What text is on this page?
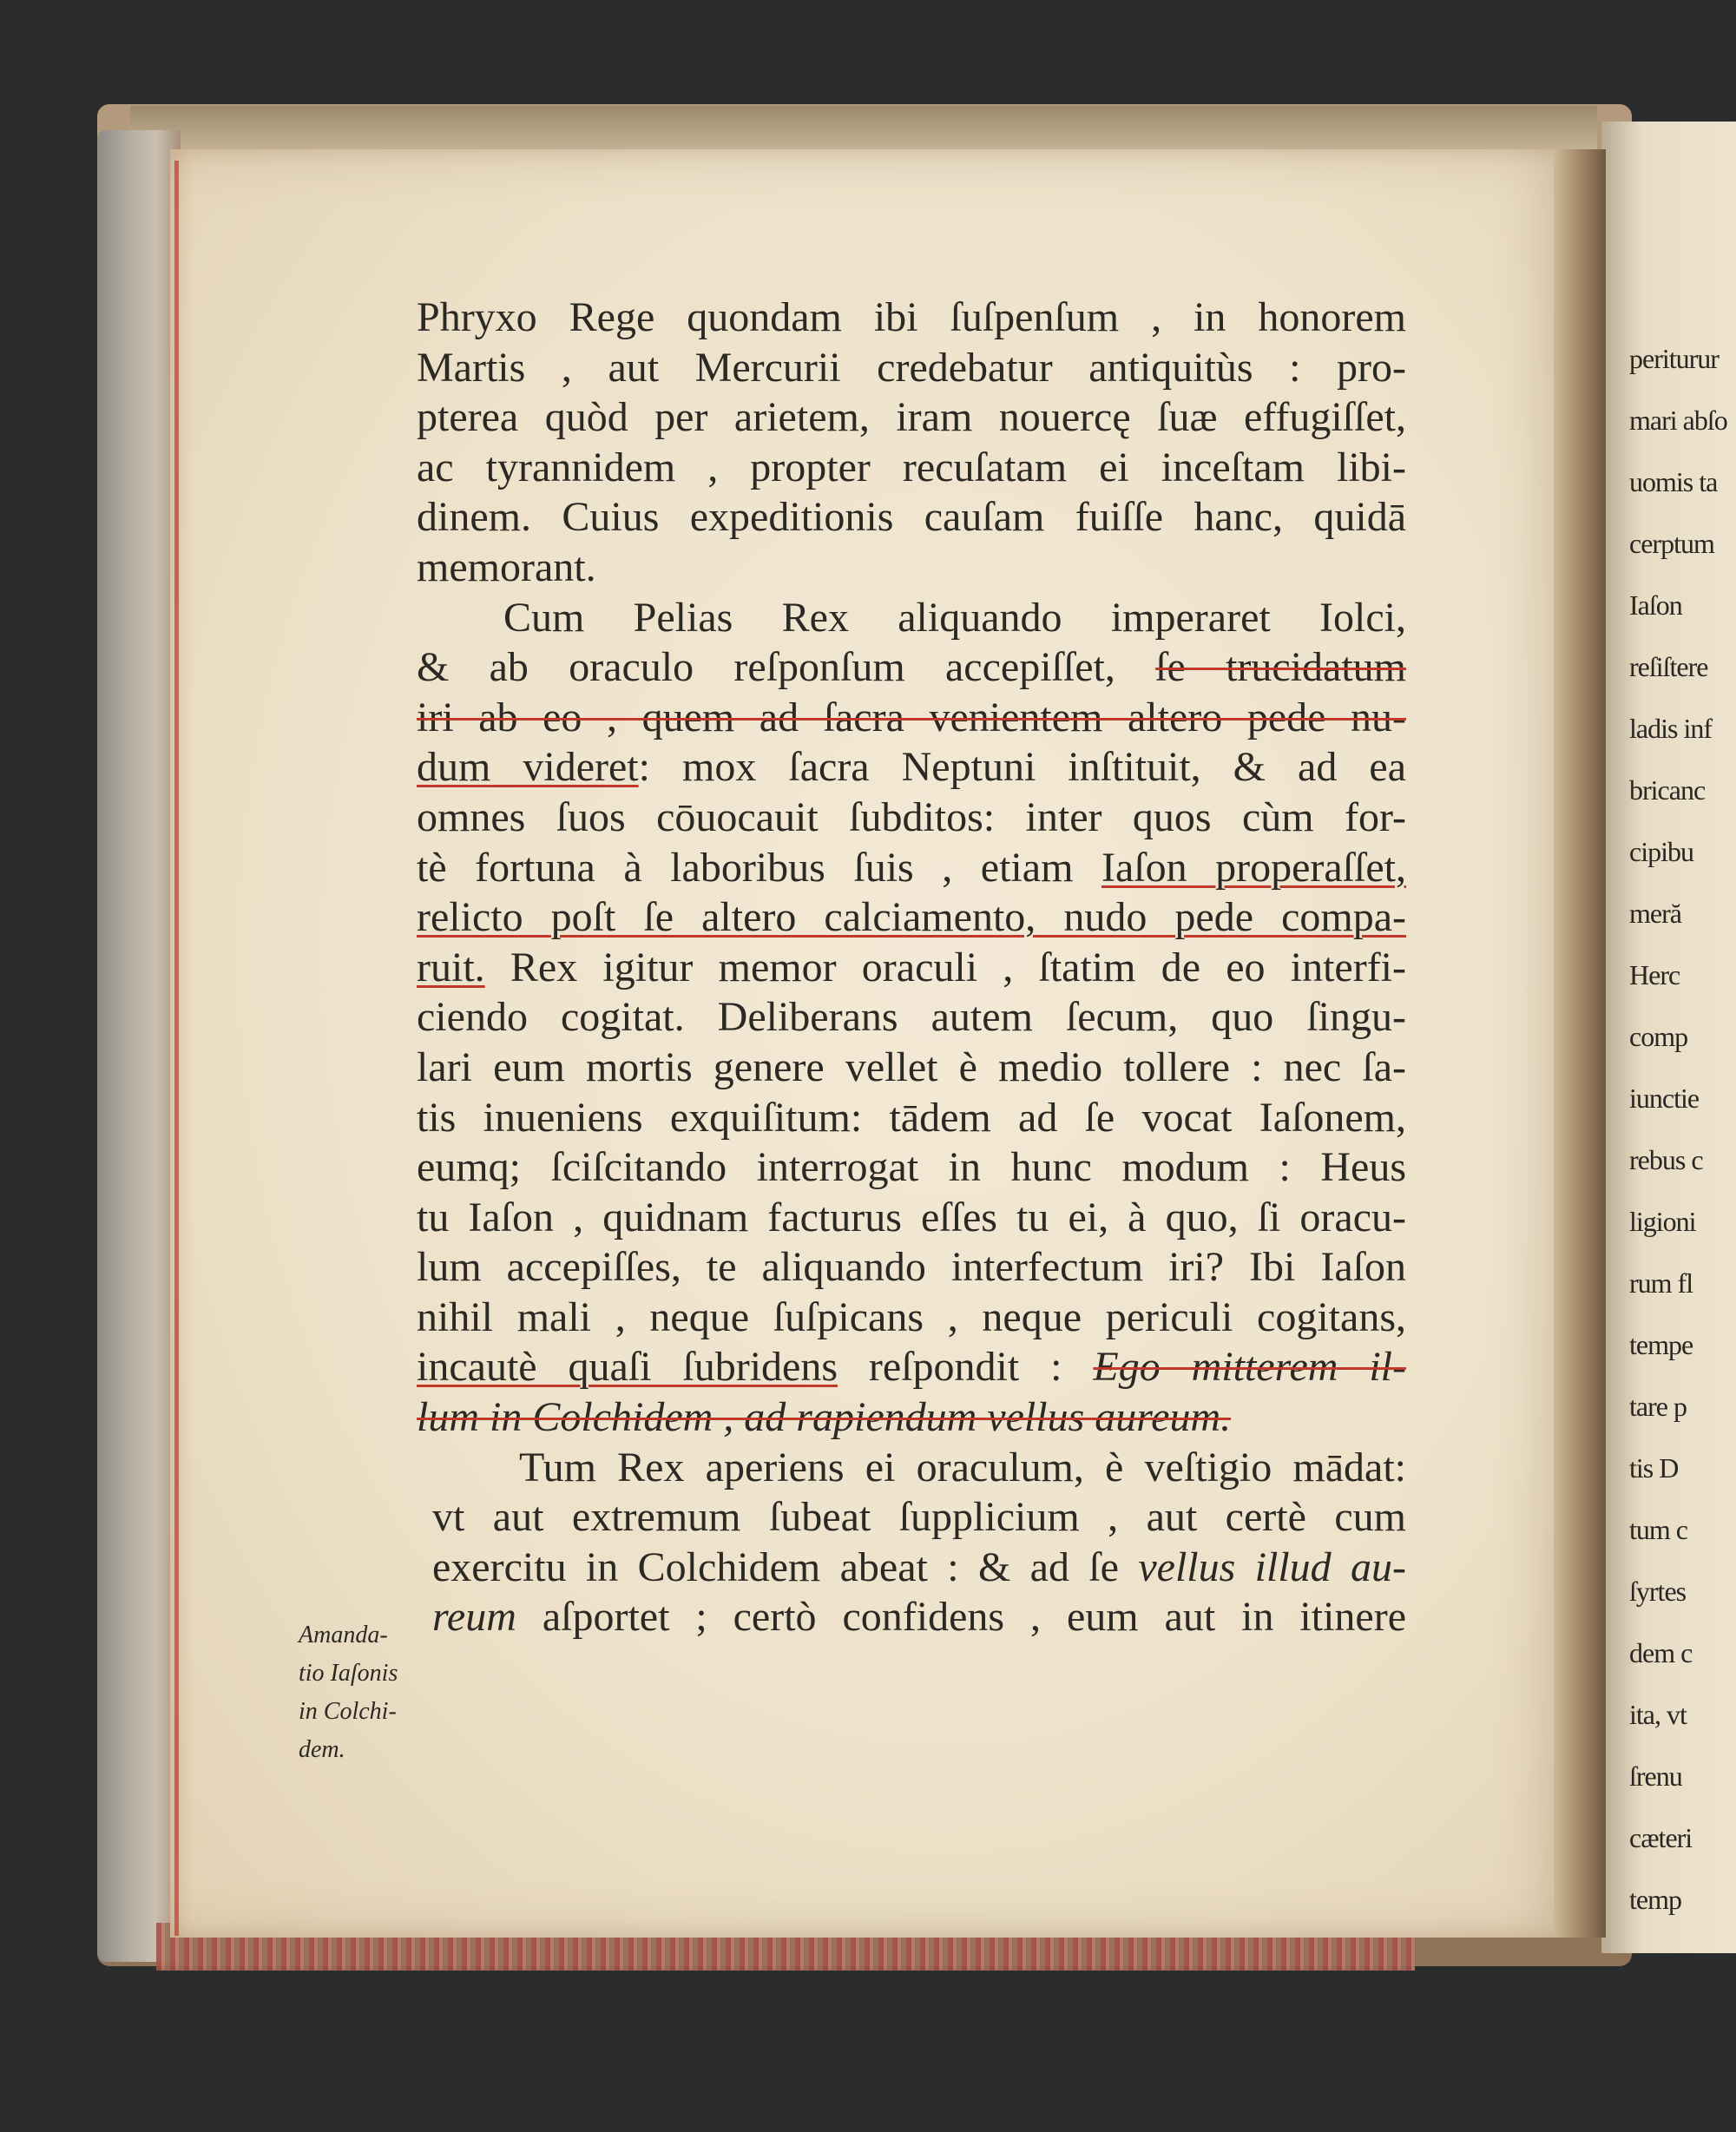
periturur
mari abſo
uomis ta
cerptum
Iaſon
reſiſtere
ladis inf
bricanc
cipibu
meră
Herc
comp
iunctie
rebus c
ligioni
rum fl
tempe
tare p
tis D
tum c
ſyrtes
dem c
ita, vt
ſrenu
cæteri
temp
Phryxo Rege quondam ibi ſuſpenſum , in honorem
Martis , aut Mercurii credebatur antiquitùs : pro-
pterea quòd per arietem, iram nouercę ſuæ effugiſſet,
ac tyrannidem , propter recuſatam ei inceſtam libi-
dinem. Cuius expeditionis cauſam fuiſſe hanc, quidā
memorant.
Cum Pelias Rex aliquando imperaret Iolci,
& ab oraculo reſponſum accepiſſet, ſe trucidatum
iri ab eo , quem ad ſacra venientem altero pede nu-
dum videret: mox ſacra Neptuni inſtituit, & ad ea
omnes ſuos cōuocauit ſubditos: inter quos cùm for-
tè fortuna à laboribus ſuis , etiam Iaſon properaſſet,
relicto poſt ſe altero calciamento, nudo pede compa-
ruit. Rex igitur memor oraculi , ſtatim de eo interfi-
ciendo cogitat. Deliberans autem ſecum, quo ſingu-
lari eum mortis genere vellet è medio tollere : nec ſa-
tis inueniens exquiſitum: tādem ad ſe vocat Iaſonem,
eumq; ſciſcitando interrogat in hunc modum : Heus
tu Iaſon , quidnam facturus eſſes tu ei, à quo, ſi oracu-
lum accepiſſes, te aliquando interfectum iri? Ibi Iaſon
nihil mali , neque ſuſpicans , neque periculi cogitans,
incautè quaſi ſubridens reſpondit : Ego mitterem il-
lum in Colchidem , ad rapiendum vellus aureum.
Tum Rex aperiens ei oraculum, è veſtigio mādat:
vt aut extremum ſubeat ſupplicium , aut certè cum
exercitu in Colchidem abeat : & ad ſe vellus illud au-
reum aſportet ; certò confidens , eum aut in itinere
Amanda-
tio Iaſonis
in Colchi-
dem.
